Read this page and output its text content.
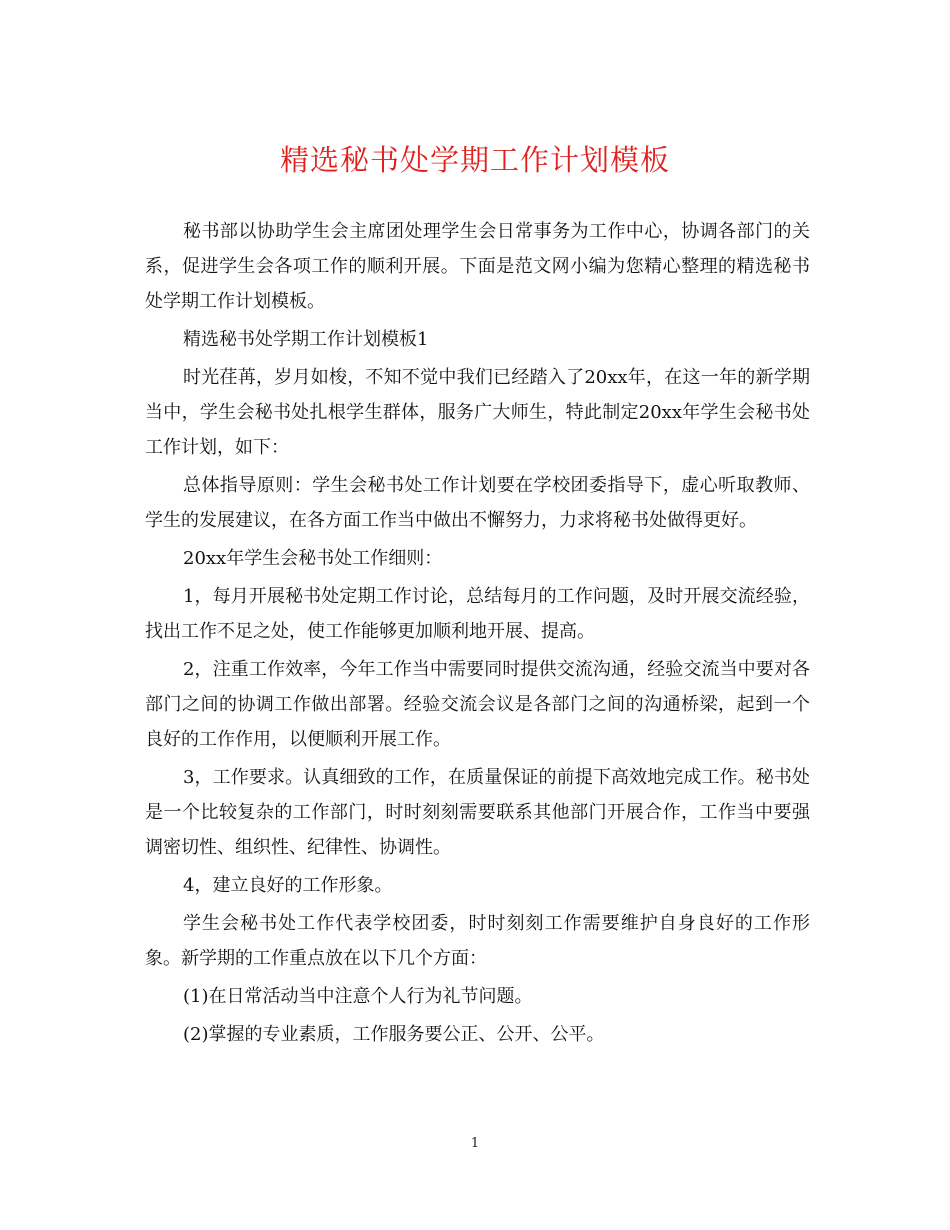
精选秘书处学期工作计划模板

秘书部以协助学生会主席团处理学生会日常事务为工作中心，协调各部门的关系，促进学生会各项工作的顺利开展。下面是范文网小编为您精心整理的精选秘书处学期工作计划模板。

精选秘书处学期工作计划模板1

时光荏苒，岁月如梭，不知不觉中我们已经踏入了20xx年，在这一年的新学期当中，学生会秘书处扎根学生群体，服务广大师生，特此制定20xx年学生会秘书处工作计划，如下：

总体指导原则：学生会秘书处工作计划要在学校团委指导下，虚心听取教师、学生的发展建议，在各方面工作当中做出不懈努力，力求将秘书处做得更好。

20xx年学生会秘书处工作细则：

1，每月开展秘书处定期工作讨论，总结每月的工作问题，及时开展交流经验，找出工作不足之处，使工作能够更加顺利地开展、提高。

2，注重工作效率，今年工作当中需要同时提供交流沟通，经验交流当中要对各部门之间的协调工作做出部署。经验交流会议是各部门之间的沟通桥梁，起到一个良好的工作作用，以便顺利开展工作。

3，工作要求。认真细致的工作，在质量保证的前提下高效地完成工作。秘书处是一个比较复杂的工作部门，时时刻刻需要联系其他部门开展合作，工作当中要强调密切性、组织性、纪律性、协调性。

4，建立良好的工作形象。

学生会秘书处工作代表学校团委，时时刻刻工作需要维护自身良好的工作形象。新学期的工作重点放在以下几个方面：

(1)在日常活动当中注意个人行为礼节问题。

(2)掌握的专业素质，工作服务要公正、公开、公平。

1
